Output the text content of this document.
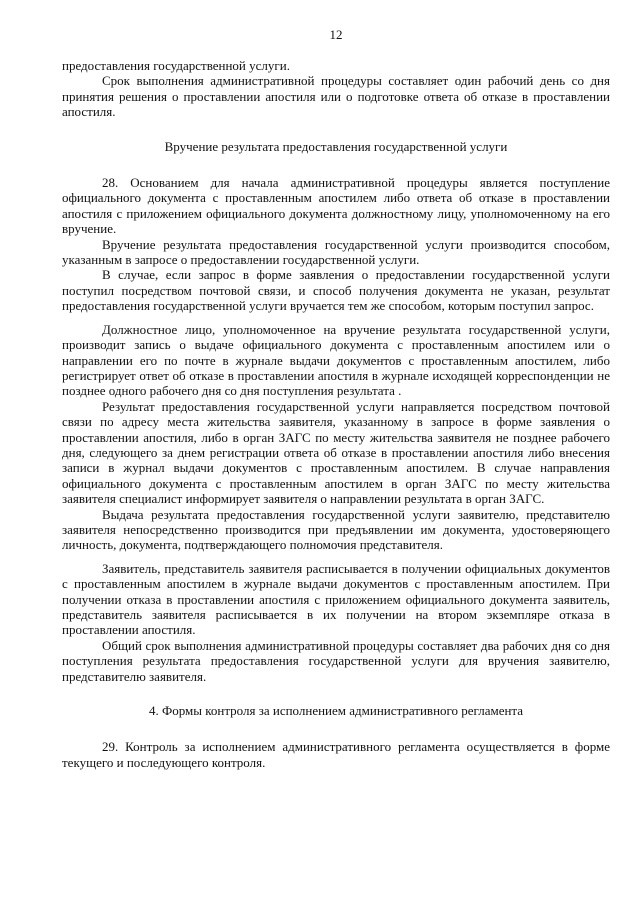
12

предоставления государственной услуги.

Срок выполнения административной процедуры составляет один рабочий день со дня принятия решения о проставлении апостиля или о подготовке ответа об отказе в проставлении апостиля.

Вручение результата предоставления государственной услуги

28. Основанием для начала административной процедуры является поступление официального документа с проставленным апостилем либо ответа об отказе в проставлении апостиля с приложением официального документа должностному лицу, уполномоченному на его вручение.

Вручение результата предоставления государственной услуги производится способом, указанным в запросе о предоставлении государственной услуги.

В случае, если запрос в форме заявления о предоставлении государственной услуги поступил посредством почтовой связи, и способ получения документа не указан, результат предоставления государственной услуги вручается тем же способом, которым поступил запрос.

Должностное лицо, уполномоченное на вручение результата государственной услуги, производит запись о выдаче официального документа с проставленным апостилем или о направлении его по почте в журнале выдачи документов с проставленным апостилем, либо регистрирует ответ об отказе в проставлении апостиля в журнале исходящей корреспонденции не позднее одного рабочего дня со дня поступления результата .

Результат предоставления государственной услуги направляется посредством почтовой связи по адресу места жительства заявителя, указанному в запросе в форме заявления о проставлении апостиля, либо в орган ЗАГС по месту жительства заявителя не позднее рабочего дня, следующего за днем регистрации ответа об отказе в проставлении апостиля либо внесения записи в журнал выдачи документов с проставленным апостилем. В случае направления официального документа с проставленным апостилем в орган ЗАГС по месту жительства заявителя специалист информирует заявителя о направлении результата в орган ЗАГС.

Выдача результата предоставления государственной услуги заявителю, представителю заявителя непосредственно производится при предъявлении им документа, удостоверяющего личность, документа, подтверждающего полномочия представителя.

Заявитель, представитель заявителя расписывается в получении официальных документов с проставленным апостилем в журнале выдачи документов с проставленным апостилем. При получении отказа в проставлении апостиля с приложением официального документа заявитель, представитель заявителя расписывается в их получении на втором экземпляре отказа в проставлении апостиля.

Общий срок выполнения административной процедуры составляет два рабочих дня со дня поступления результата предоставления государственной услуги для вручения заявителю, представителю заявителя.

4. Формы контроля за исполнением административного регламента

29. Контроль за исполнением административного регламента осуществляется в форме текущего и последующего контроля.
